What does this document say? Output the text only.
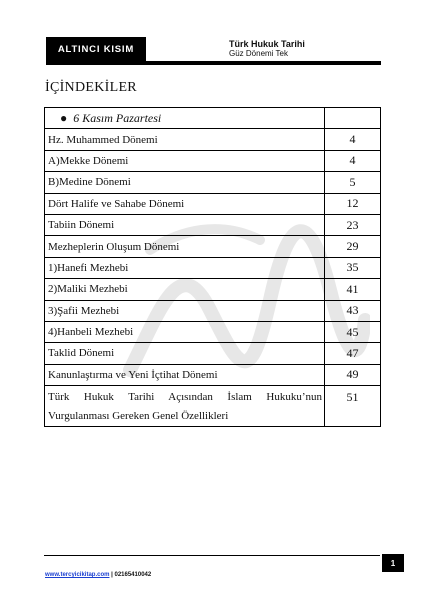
ALTINCI KISIM	Türk Hukuk Tarihi
Güz Dönemi Tek
İÇİNDEKİLER
● 6 Kasım Pazartesi	
Hz. Muhammed Dönemi	4
A)Mekke Dönemi	4
B)Medine Dönemi	5
Dört Halife ve Sahabe Dönemi	12
Tabiin Dönemi	23
Mezheplerin Oluşum Dönemi	29
1)Hanefi Mezhebi	35
2)Maliki Mezhebi	41
3)Şafii Mezhebi	43
4)Hanbeli Mezhebi	45
Taklid Dönemi	47
Kanunlaştırma ve Yeni İçtihat Dönemi	49
Türk Hukuk Tarihi Açısından İslam Hukuku’nun Vurgulanması Gereken Genel Özellikleri	51
www.tercyicikitap.com | 02165410042
1
